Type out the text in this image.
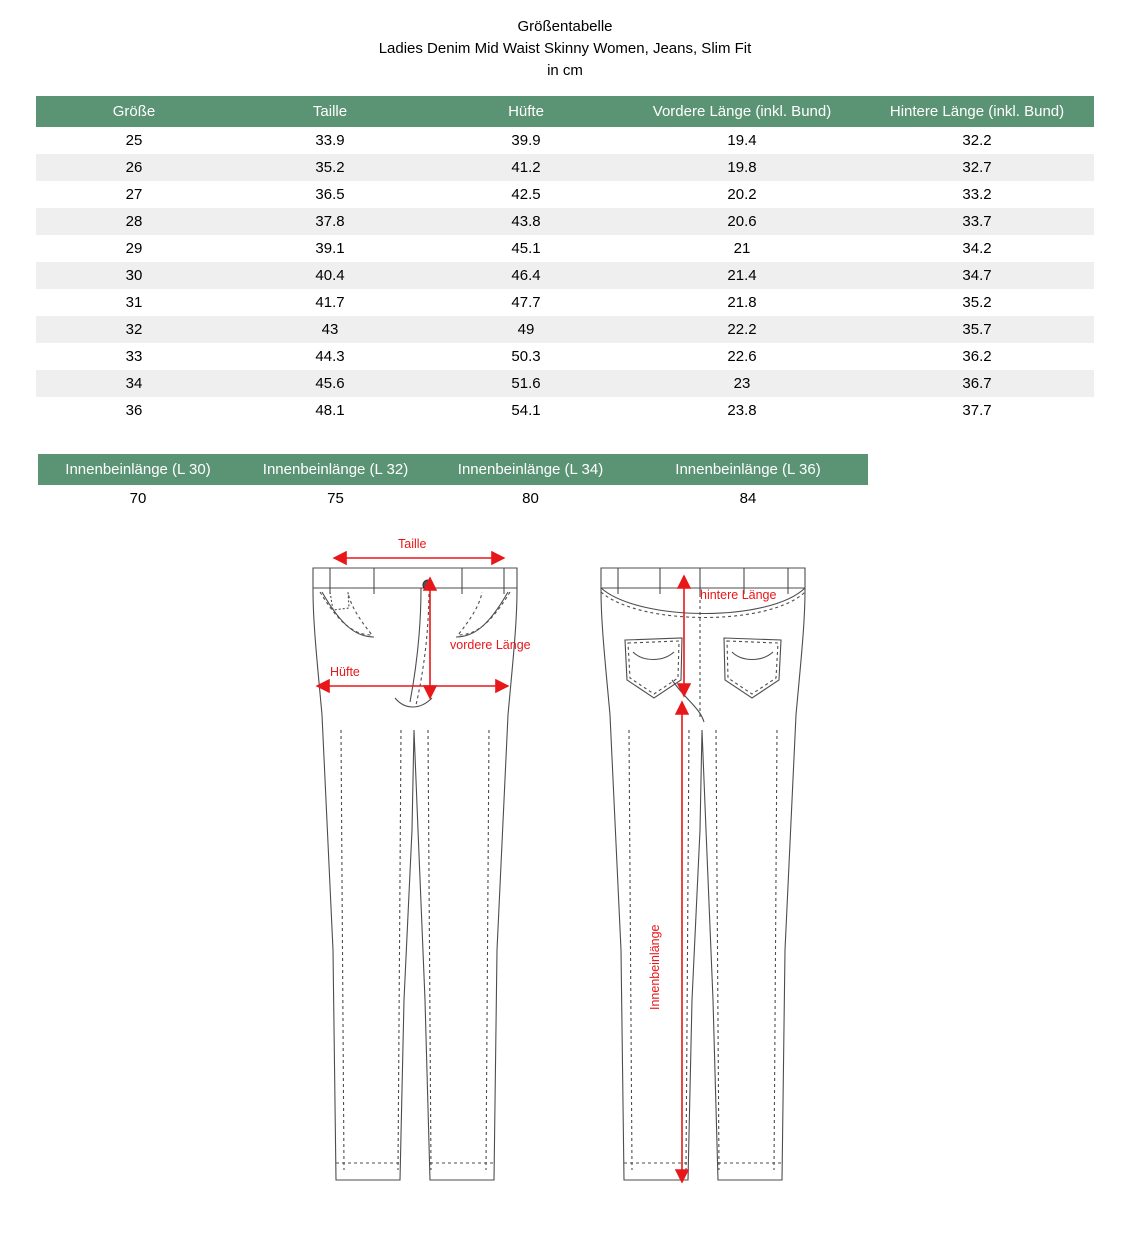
Größentabelle
Ladies Denim Mid Waist Skinny Women, Jeans, Slim Fit
in cm
Größe	Taille	Hüfte	Vordere Länge (inkl. Bund)	Hintere Länge (inkl. Bund)
25	33.9	39.9	19.4	32.2
26	35.2	41.2	19.8	32.7
27	36.5	42.5	20.2	33.2
28	37.8	43.8	20.6	33.7
29	39.1	45.1	21	34.2
30	40.4	46.4	21.4	34.7
31	41.7	47.7	21.8	35.2
32	43	49	22.2	35.7
33	44.3	50.3	22.6	36.2
34	45.6	51.6	23	36.7
36	48.1	54.1	23.8	37.7
Innenbeinlänge (L 30)	Innenbeinlänge (L 32)	Innenbeinlänge (L 34)	Innenbeinlänge (L 36)
70	75	80	84
Taille
Hüfte
vordere Länge
hintere Länge
Innenbeinlänge
